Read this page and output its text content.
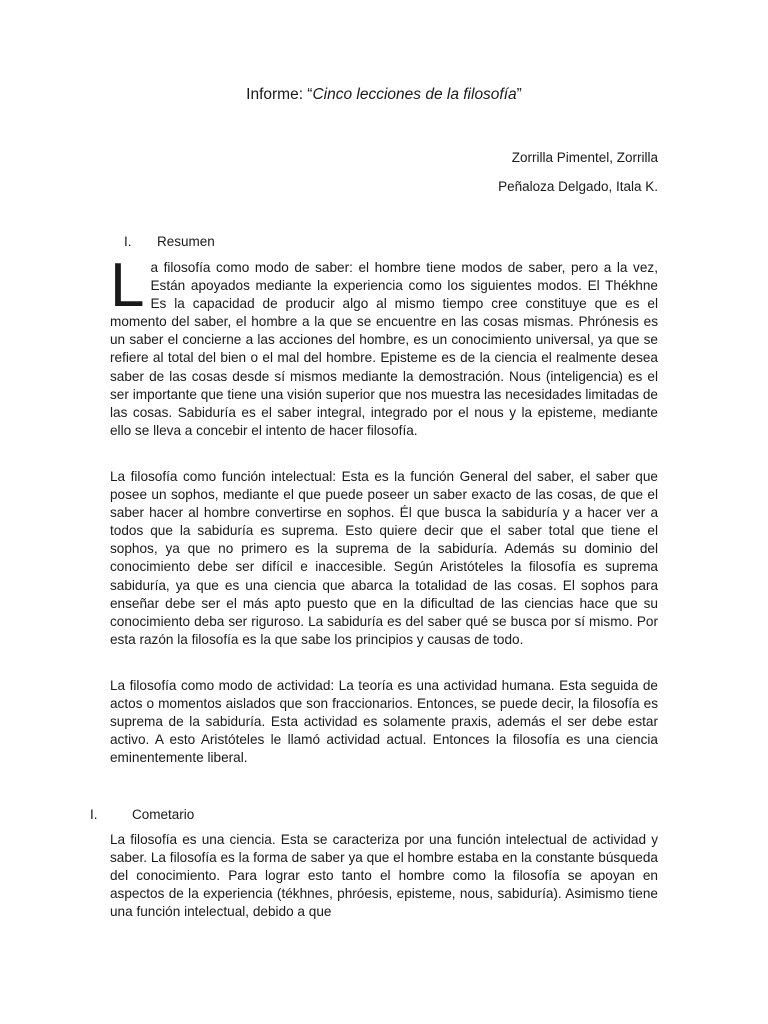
Informe: “Cinco lecciones de la filosofía”
Zorrilla Pimentel, Zorrilla
Peñaloza Delgado, Itala K.
I. Resumen

La filosofía como modo de saber: el hombre tiene modos de saber, pero a la vez, Están apoyados mediante la experiencia como los siguientes modos. El Thékhne Es la capacidad de producir algo al mismo tiempo cree constituye que es el momento del saber, el hombre a la que se encuentre en las cosas mismas. Phrónesis es un saber el concierne a las acciones del hombre, es un conocimiento universal, ya que se refiere al total del bien o el mal del hombre. Episteme es de la ciencia el realmente desea saber de las cosas desde sí mismos mediante la demostración. Nous (inteligencia) es el ser importante que tiene una visión superior que nos muestra las necesidades limitadas de las cosas. Sabiduría es el saber integral, integrado por el nous y la episteme, mediante ello se lleva a concebir el intento de hacer filosofía.

La filosofía como función intelectual: Esta es la función General del saber, el saber que posee un sophos, mediante el que puede poseer un saber exacto de las cosas, de que el saber hacer al hombre convertirse en sophos. Él que busca la sabiduría y a hacer ver a todos que la sabiduría es suprema. Esto quiere decir que el saber total que tiene el sophos, ya que no primero es la suprema de la sabiduría. Además su dominio del conocimiento debe ser difícil e inaccesible. Según Aristóteles la filosofía es suprema sabiduría, ya que es una ciencia que abarca la totalidad de las cosas. El sophos para enseñar debe ser el más apto puesto que en la dificultad de las ciencias hace que su conocimiento deba ser riguroso. La sabiduría es del saber qué se busca por sí mismo. Por esta razón la filosofía es la que sabe los principios y causas de todo.

La filosofía como modo de actividad: La teoría es una actividad humana. Esta seguida de actos o momentos aislados que son fraccionarios. Entonces, se puede decir, la filosofía es suprema de la sabiduría. Esta actividad es solamente praxis, además el ser debe estar activo. A esto Aristóteles le llamó actividad actual. Entonces la filosofía es una ciencia eminentemente liberal.

I.	Cometario

La filosofía es una ciencia. Esta se caracteriza por una función intelectual de actividad y saber. La filosofía es la forma de saber ya que el hombre estaba en la constante búsqueda del conocimiento. Para lograr esto tanto el hombre como la filosofía se apoyan en aspectos de la experiencia (tékhnes, phróesis, episteme, nous, sabiduría). Asimismo tiene una función intelectual, debido a que
